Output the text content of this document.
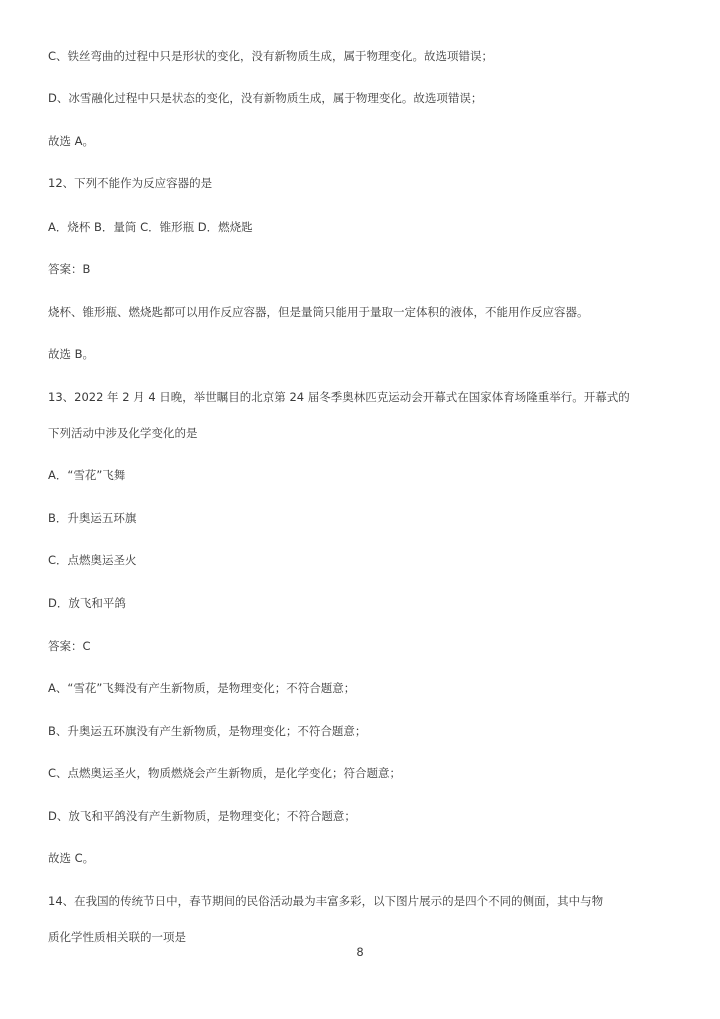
C、铁丝弯曲的过程中只是形状的变化，没有新物质生成，属于物理变化。故选项错误；
D、冰雪融化过程中只是状态的变化，没有新物质生成，属于物理变化。故选项错误；
故选 A。
12、下列不能作为反应容器的是
A．烧杯 B．量筒 C．锥形瓶 D．燃烧匙
答案：B
烧杯、锥形瓶、燃烧匙都可以用作反应容器，但是量筒只能用于量取一定体积的液体，不能用作反应容器。
故选 B。
13、2022 年 2 月 4 日晚，举世瞩目的北京第 24 届冬季奥林匹克运动会开幕式在国家体育场隆重举行。开幕式的
下列活动中涉及化学变化的是
A．“雪花”飞舞
B．升奥运五环旗
C．点燃奥运圣火
D．放飞和平鸽
答案：C
A、“雪花”飞舞没有产生新物质，是物理变化；不符合题意；
B、升奥运五环旗没有产生新物质，是物理变化；不符合题意；
C、点燃奥运圣火，物质燃烧会产生新物质，是化学变化；符合题意；
D、放飞和平鸽没有产生新物质，是物理变化；不符合题意；
故选 C。
14、在我国的传统节日中，春节期间的民俗活动最为丰富多彩，以下图片展示的是四个不同的侧面，其中与物
质化学性质相关联的一项是
8
